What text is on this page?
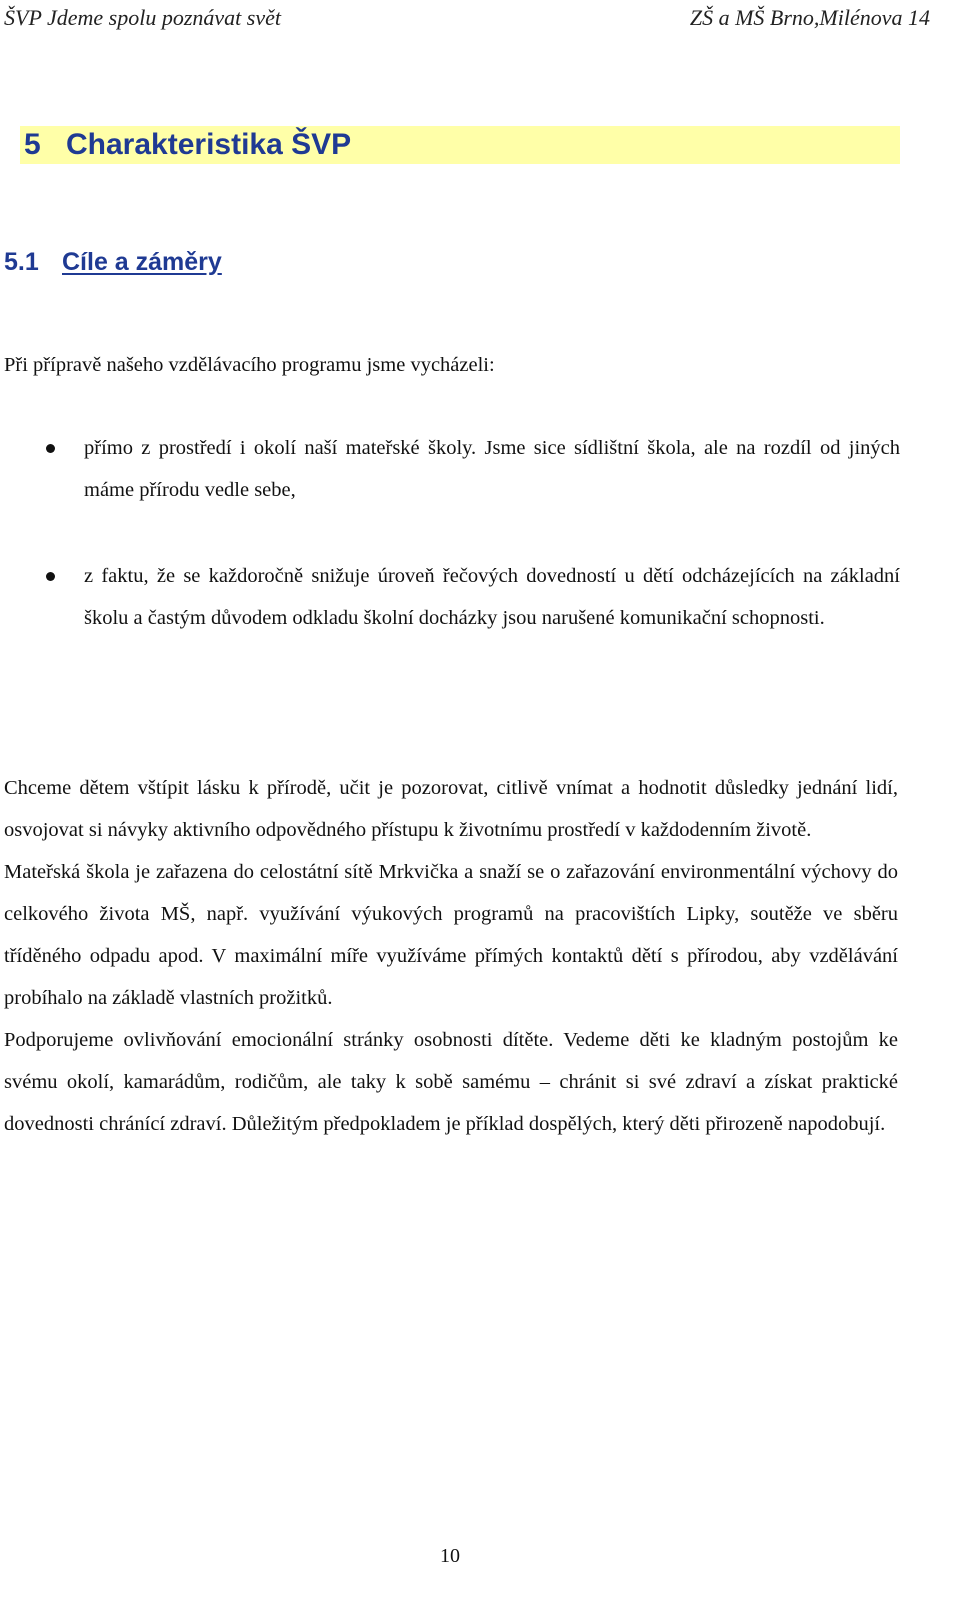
ŠVP Jdeme spolu poznávat svět	ZŠ a MŠ Brno,Milénova 14
5 Charakteristika ŠVP
5.1 Cíle a záměry

Při přípravě našeho vzdělávacího programu jsme vycházeli:

přímo z prostředí i okolí naší mateřské školy. Jsme sice sídlištní škola, ale na rozdíl od jiných máme přírodu vedle sebe,
z faktu, že se každoročně snižuje úroveň řečových dovedností u dětí odcházejících na základní školu a častým důvodem odkladu školní docházky jsou narušené komunikační schopnosti.

Chceme dětem vštípit lásku k přírodě, učit je pozorovat, citlivě vnímat a hodnotit důsledky jednání lidí, osvojovat si návyky aktivního odpovědného přístupu k životnímu prostředí v každodenním životě.

Mateřská škola je zařazena do celostátní sítě Mrkvička a snaží se o zařazování environmentální výchovy do celkového života MŠ, např. využívání výukových programů na pracovištích Lipky, soutěže ve sběru tříděného odpadu apod. V maximální míře využíváme přímých kontaktů dětí s přírodou, aby vzdělávání probíhalo na základě vlastních prožitků.

Podporujeme ovlivňování emocionální stránky osobnosti dítěte. Vedeme děti ke kladným postojům ke svému okolí, kamarádům, rodičům, ale taky k sobě samému – chránit si své zdraví a získat praktické dovednosti chránící zdraví. Důležitým předpokladem je příklad dospělých, který děti přirozeně napodobují.

10
